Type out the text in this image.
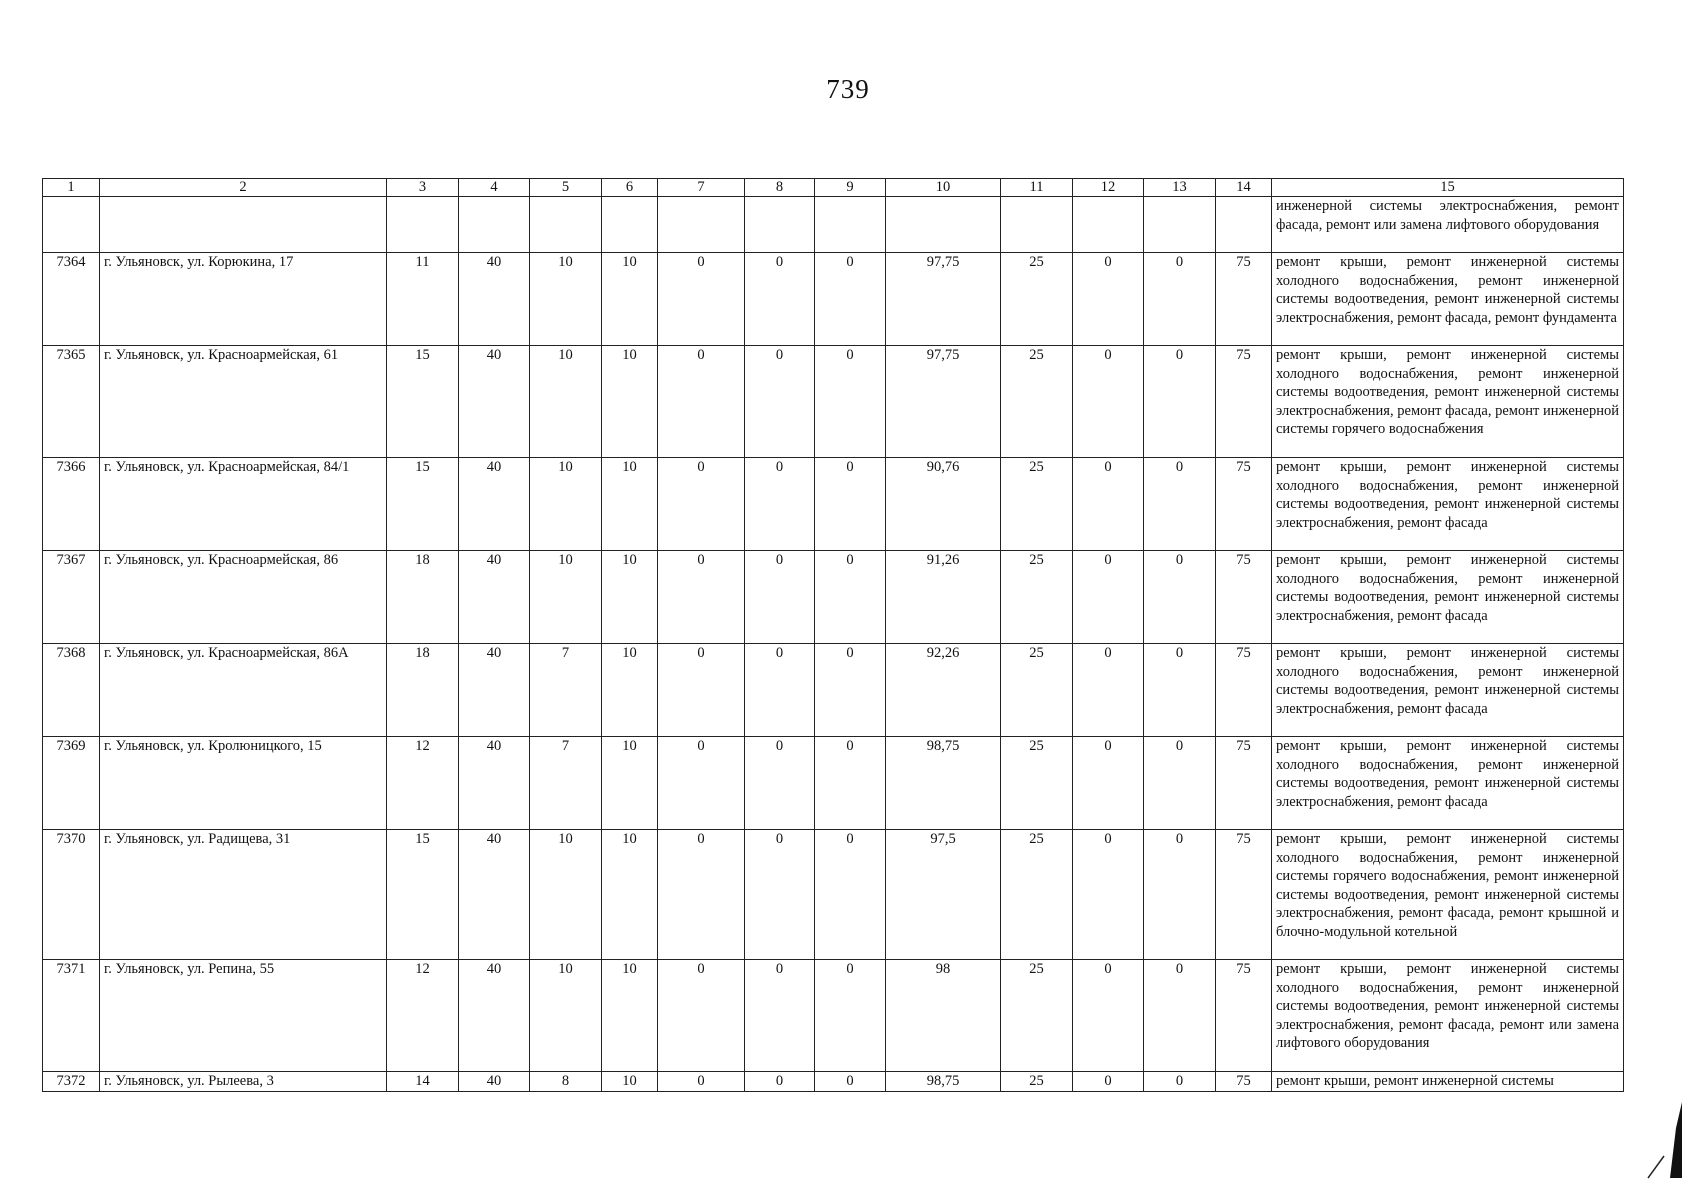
739
1	2	3	4	5	6	7	8	9	10	11	12	13	14	15
														инженерной системы электроснабжения, ремонт фасада, ремонт или замена лифтового оборудования
7364	г. Ульяновск, ул. Корюкина, 17	11	40	10	10	0	0	0	97,75	25	0	0	75	ремонт крыши, ремонт инженерной системы холодного водоснабжения, ремонт инженерной системы водоотведения, ремонт инженерной системы электроснабжения, ремонт фасада, ремонт фундамента
7365	г. Ульяновск, ул. Красноармейская, 61	15	40	10	10	0	0	0	97,75	25	0	0	75	ремонт крыши, ремонт инженерной системы холодного водоснабжения, ремонт инженерной системы водоотведения, ремонт инженерной системы электроснабжения, ремонт фасада, ремонт инженерной системы горячего водоснабжения
7366	г. Ульяновск, ул. Красноармейская, 84/1	15	40	10	10	0	0	0	90,76	25	0	0	75	ремонт крыши, ремонт инженерной системы холодного водоснабжения, ремонт инженерной системы водоотведения, ремонт инженерной системы электроснабжения, ремонт фасада
7367	г. Ульяновск, ул. Красноармейская, 86	18	40	10	10	0	0	0	91,26	25	0	0	75	ремонт крыши, ремонт инженерной системы холодного водоснабжения, ремонт инженерной системы водоотведения, ремонт инженерной системы электроснабжения, ремонт фасада
7368	г. Ульяновск, ул. Красноармейская, 86А	18	40	7	10	0	0	0	92,26	25	0	0	75	ремонт крыши, ремонт инженерной системы холодного водоснабжения, ремонт инженерной системы водоотведения, ремонт инженерной системы электроснабжения, ремонт фасада
7369	г. Ульяновск, ул. Кролюницкого, 15	12	40	7	10	0	0	0	98,75	25	0	0	75	ремонт крыши, ремонт инженерной системы холодного водоснабжения, ремонт инженерной системы водоотведения, ремонт инженерной системы электроснабжения, ремонт фасада
7370	г. Ульяновск, ул. Радищева, 31	15	40	10	10	0	0	0	97,5	25	0	0	75	ремонт крыши, ремонт инженерной системы холодного водоснабжения, ремонт инженерной системы горячего водоснабжения, ремонт инженерной системы водоотведения, ремонт инженерной системы электроснабжения, ремонт фасада, ремонт крышной и блочно-модульной котельной
7371	г. Ульяновск, ул. Репина, 55	12	40	10	10	0	0	0	98	25	0	0	75	ремонт крыши, ремонт инженерной системы холодного водоснабжения, ремонт инженерной системы водоотведения, ремонт инженерной системы электроснабжения, ремонт фасада, ремонт или замена лифтового оборудования
7372	г. Ульяновск, ул. Рылеева, 3	14	40	8	10	0	0	0	98,75	25	0	0	75	ремонт крыши, ремонт инженерной системы
